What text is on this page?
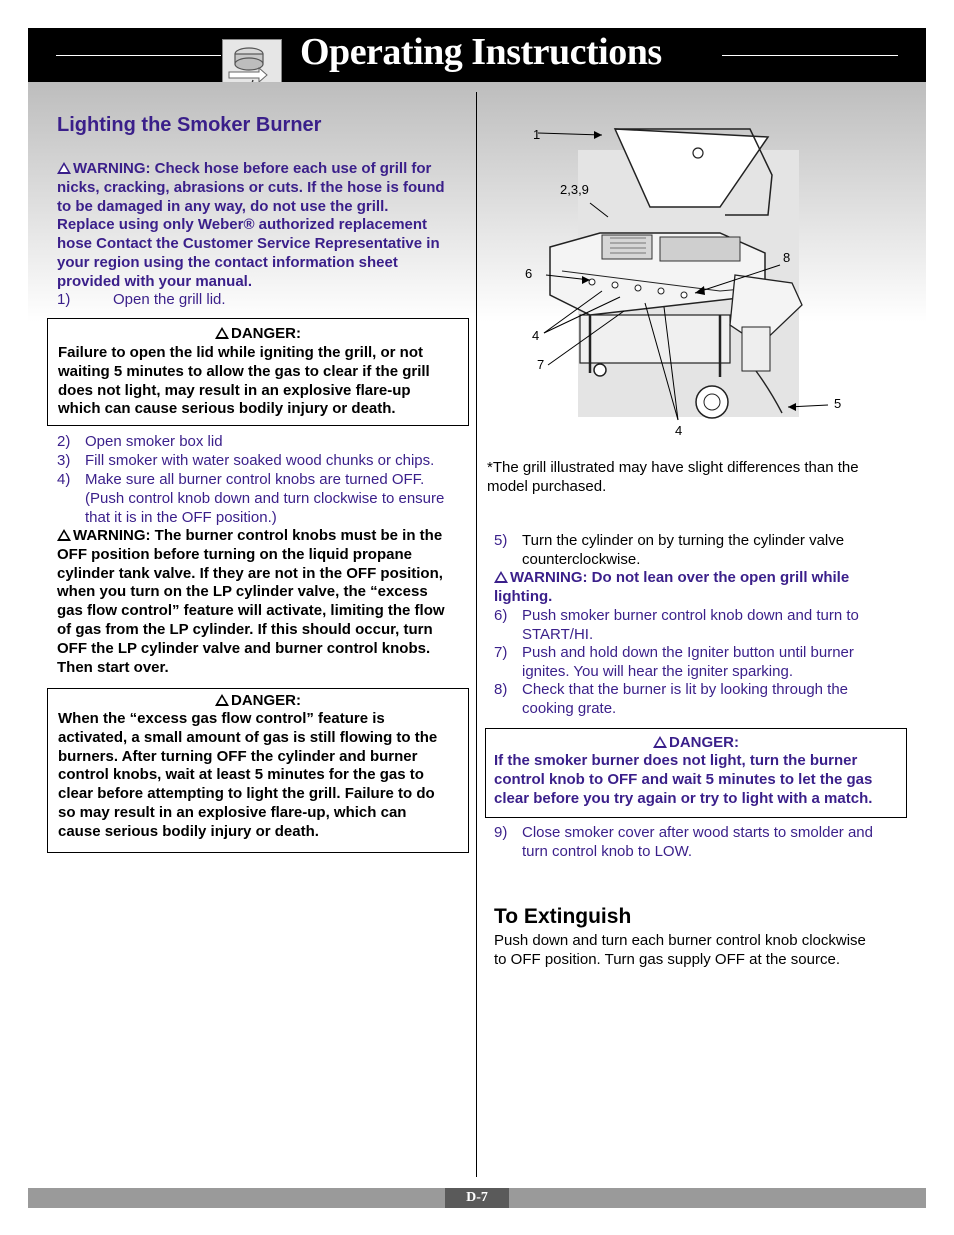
Operating Instructions
Lighting the Smoker Burner
WARNING: Check hose before each use of grill for
nicks, cracking, abrasions or cuts. If the hose is found
to be damaged in any way, do not use the grill.
Replace using only Weber® authorized replacement
hose Contact the Customer Service Representative in
your region using the contact information sheet
provided with your manual.
1)	Open the grill lid.
DANGER:
Failure to open the lid while igniting the grill, or not
waiting 5 minutes to allow the gas to clear if the grill
does not light, may result in an explosive flare-up
which can cause serious bodily injury or death.
2) Open smoker box lid
3) Fill smoker with water soaked wood chunks or chips.
4) Make sure all burner control knobs are turned OFF.
(Push control knob down and turn clockwise to ensure
that it is in the OFF position.)
WARNING: The burner control knobs must be in the
OFF position before turning on the liquid propane
cylinder tank valve. If they are not in the OFF position,
when you turn on the LP cylinder valve, the “excess
gas flow control” feature will activate, limiting the flow
of gas from the LP cylinder. If this should occur, turn
OFF the LP cylinder valve and burner control knobs.
Then start over.
DANGER:
When the “excess gas flow control” feature is
activated, a small amount of gas is still flowing to the
burners. After turning OFF the cylinder and burner
control knobs, wait at least 5 minutes for the gas to
clear before attempting to light the grill. Failure to do
so may result in an explosive flare-up, which can
cause serious bodily injury or death.
1
2,3,9
6
8
4
7
5
4
*The grill illustrated may have slight differences than the
model purchased.
5) Turn the cylinder on by turning the cylinder valve
counterclockwise.
WARNING: Do not lean over the open grill while
lighting.
6) Push smoker burner control knob down and turn to
START/HI.
7) Push and hold down the Igniter button until burner
ignites. You will hear the igniter sparking.
8) Check that the burner is lit by looking through the
cooking grate.
DANGER:
If the smoker burner does not light, turn the burner
control knob to OFF and wait 5 minutes to let the gas
clear before you try again or try to light with a match.
9) Close smoker cover after wood starts to smolder and
turn control knob to LOW.
To Extinguish
Push down and turn each burner control knob clockwise
to OFF position. Turn gas supply OFF at the source.
D-7
